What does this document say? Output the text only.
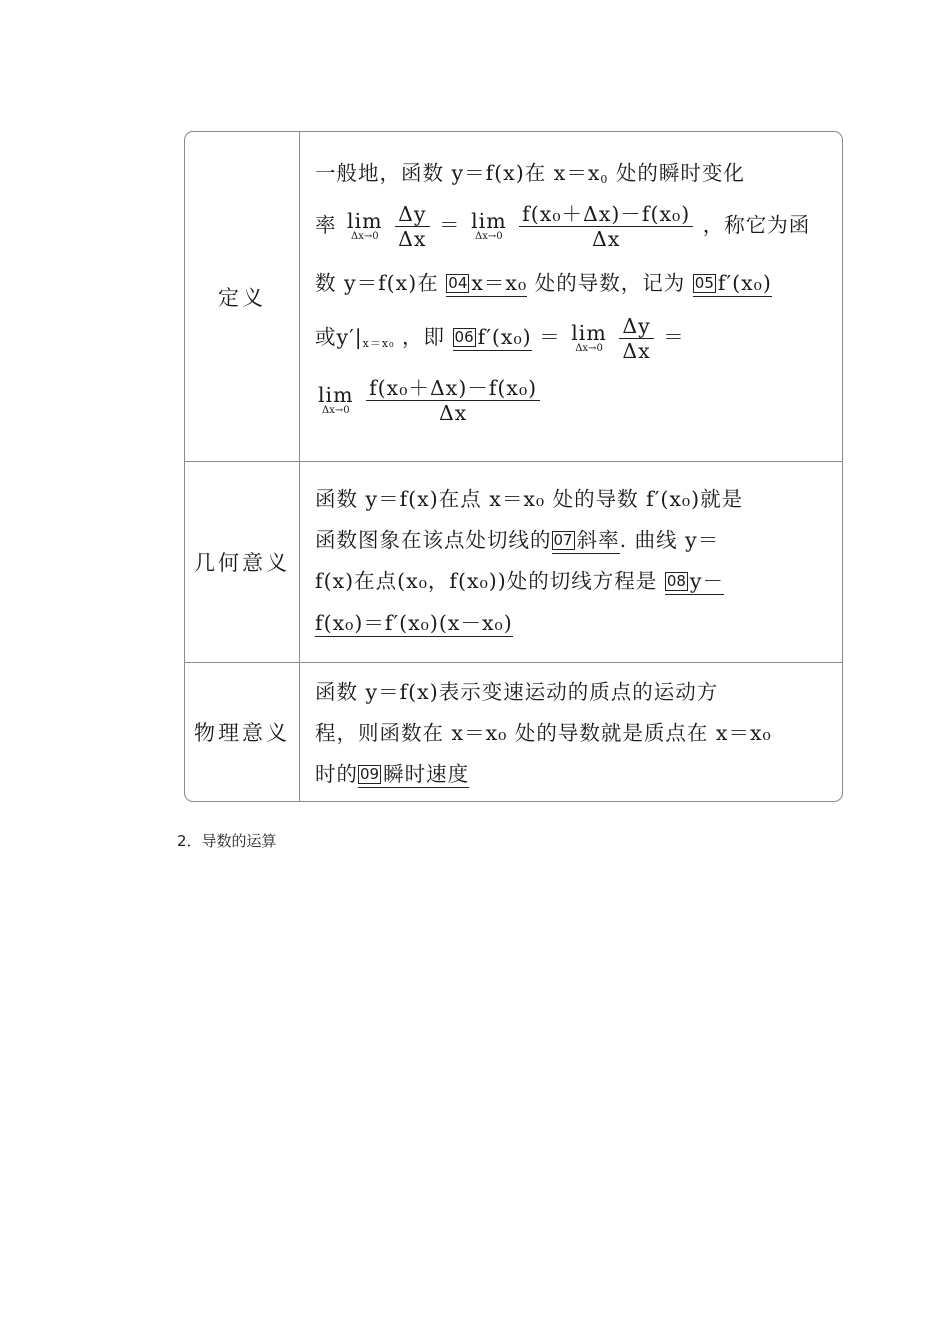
定义
几何意义
物理意义
一般地，函数 y＝f(x)在 $x=x_0$ 处的瞬时变化
率 lim
Δx→0
$\frac{\Delta y}{\Delta x} = \lim$
Δx→0
$\frac{\text{f(x₀＋Δx)－f(x₀)}}{\Delta x}$ ，称它为函
数 y＝f(x)在 04 x＝x₀ 处的导数，记为 05 f′(x₀)
或$y'|_{x=x_0}$ ，即 06 f′(x₀) ＝ lim
Δx→0
$\frac{\Delta y}{\Delta x}$ ＝
lim
Δx→0
$\frac{\text{f(x₀＋Δx)－f(x₀)}}{\Delta x}$
函数 y＝f(x)在点 x＝x₀ 处的导数 f′(x₀)就是
函数图象在该点处切线的 07 斜率. 曲线 y＝
f(x)在点(x₀，f(x₀))处的切线方程是 08 y－
f(x₀)＝f′(x₀)(x－x₀)
函数 y＝f(x)表示变速运动的质点的运动方
程，则函数在 x＝x₀ 处的导数就是质点在 x＝x₀
时的 09 瞬时速度
2．导数的运算
